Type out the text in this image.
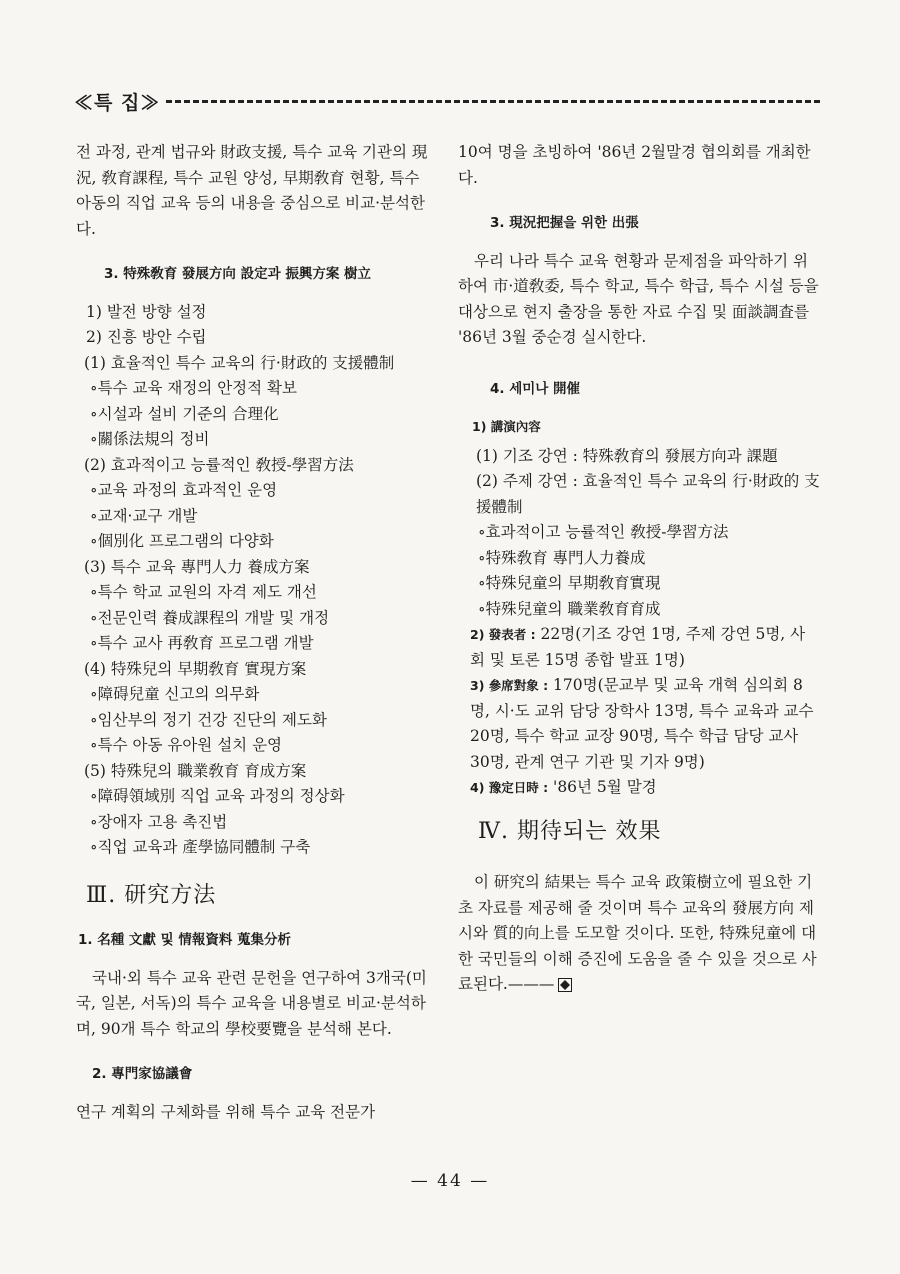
≪특 집≫

전 과정, 관계 법규와 財政支援, 특수 교육 기관의 現況, 敎育課程, 특수 교원 양성, 早期敎育 현황, 특수 아동의 직업 교육 등의 내용을 중심으로 비교·분석한다.

3. 特殊敎育 發展方向 設定과 振興方案 樹立

1) 발전 방향 설정

2) 진흥 방안 수립

(1) 효율적인 특수 교육의 行·財政的 支援體制

∘특수 교육 재정의 안정적 확보

∘시설과 설비 기준의 合理化

∘關係法規의 정비

(2) 효과적이고 능률적인 敎授-學習方法

∘교육 과정의 효과적인 운영

∘교재·교구 개발

∘個別化 프로그램의 다양화

(3) 특수 교육 專門人力 養成方案

∘특수 학교 교원의 자격 제도 개선

∘전문인력 養成課程의 개발 및 개정

∘특수 교사 再敎育 프로그램 개발

(4) 特殊兒의 早期敎育 實現方案

∘障碍兒童 신고의 의무화

∘임산부의 정기 건강 진단의 제도화

∘특수 아동 유아원 설치 운영

(5) 特殊兒의 職業敎育 育成方案

∘障碍領域別 직업 교육 과정의 정상화

∘장애자 고용 촉진법

∘직업 교육과 產學協同體制 구축

Ⅲ. 研究方法

1. 名種 文獻 및 情報資料 蒐集分析

국내·외 특수 교육 관련 문헌을 연구하여 3개국(미국, 일본, 서독)의 특수 교육을 내용별로 비교·분석하며, 90개 특수 학교의 學校要覽을 분석해 본다.

2. 專門家協議會

연구 계획의 구체화를 위해 특수 교육 전문가

10여 명을 초빙하여 '86년 2월말경 협의회를 개최한다.

3. 現況把握을 위한 出張

우리 나라 특수 교육 현황과 문제점을 파악하기 위하여 市·道敎委, 특수 학교, 특수 학급, 특수 시설 등을 대상으로 현지 출장을 통한 자료 수집 및 面談調査를 '86년 3월 중순경 실시한다.

4. 세미나 開催

1) 講演內容

(1) 기조 강연 : 特殊敎育의 發展方向과 課題

(2) 주제 강연 : 효율적인 특수 교육의 行·財政的 支援體制

∘효과적이고 능률적인 敎授-學習方法

∘特殊敎育 專門人力養成

∘特殊兒童의 早期敎育實現

∘特殊兒童의 職業敎育育成

2) 發表者 : 22명(기조 강연 1명, 주제 강연 5명, 사회 및 토론 15명 종합 발표 1명)

3) 參席對象 : 170명(문교부 및 교육 개혁 심의회 8명, 시·도 교위 담당 장학사 13명, 특수 교육과 교수 20명, 특수 학교 교장 90명, 특수 학급 담당 교사 30명, 관계 연구 기관 및 기자 9명)

4) 豫定日時 : '86년 5월 말경

Ⅳ. 期待되는 效果

이 研究의 結果는 특수 교육 政策樹立에 필요한 기초 자료를 제공해 줄 것이며 특수 교육의 發展方向 제시와 質的向上를 도모할 것이다. 또한, 特殊兒童에 대한 국민들의 이해 증진에 도움을 줄 수 있을 것으로 사료된다.———

— 44 —
